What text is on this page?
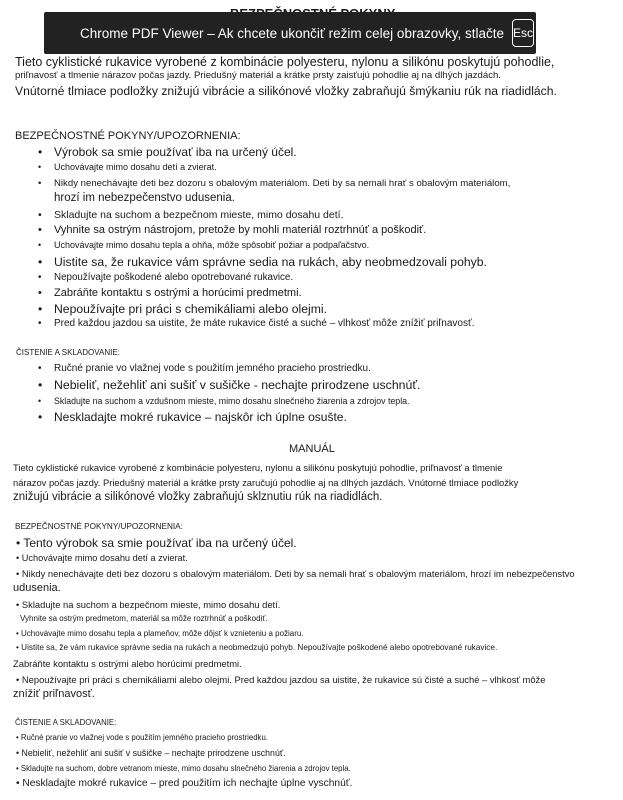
Tieto cyklistické rukavice vyrobené z kombinácie polyesteru, nylonu a silikónu poskytujú pohodlie,
priľnavosť a tlmenie nárazov počas jazdy. Priedušný materiál a krátke prsty zaisťujú pohodlie aj na dlhých jazdách.
Vnútorné tlmiace podložky znižujú vibrácie a silikónové vložky zabraňujú šmýkaniu rúk na riadidlách.
BEZPEČNOSTNÉ POKYNY/UPOZORNENIA:
• Výrobok sa smie používať iba na určený účel.
• Uchovávajte mimo dosahu detí a zvierat.
• Nikdy nenechávajte deti bez dozoru s obalovým materiálom. Deti by sa nemali hrať s obalovým materiálom,
hrozí im nebezpečenstvo udusenia.
• Skladujte na suchom a bezpečnom mieste, mimo dosahu detí.
• Vyhnite sa ostrým nástrojom, pretože by mohli materiál roztrhnúť a poškodiť.
• Uchovávajte mimo dosahu tepla a ohňa, môže spôsobiť požiar a podpaľačstvo.
• Uistite sa, že rukavice vám správne sedia na rukách, aby neobmedzovali pohyb.
• Nepoužívajte poškodené alebo opotrebované rukavice.
• Zabráňte kontaktu s ostrými a horúcimi predmetmi.
• Nepoužívajte pri práci s chemikáliami alebo olejmi.
• Pred každou jazdou sa uistite, že máte rukavice čisté a suché – vlhkosť môže znížiť priľnavosť.
ČISTENIE A SKLADOVANIE:
• Ručné pranie vo vlažnej vode s použitím jemného pracieho prostriedku.
• Nebieliť, nežehliť ani sušiť v sušičke - nechajte prirodzene uschnúť.
• Skladujte na suchom a vzdušnom mieste, mimo dosahu slnečného žiarenia a zdrojov tepla.
• Neskladajte mokré rukavice – najskôr ich úplne osušte.
MANUÁL
Tieto cyklistické rukavice vyrobené z kombinácie polyesteru, nylonu a silikónu poskytujú pohodlie, priľnavosť a tlmenie
nárazov počas jazdy. Priedušný materiál a krátke prsty zaručujú pohodlie aj na dlhých jazdách. Vnútorné tlmiace podložky
znižujú vibrácie a silikónové vložky zabraňujú sklznutiu rúk na riadidlách.
BEZPEČNOSTNÉ POKYNY/UPOZORNENIA:
• Tento výrobok sa smie používať iba na určený účel.
• Uchovávajte mimo dosahu detí a zvierat.
• Nikdy nenechávajte deti bez dozoru s obalovým materiálom. Deti by sa nemali hrať s obalovým materiálom, hrozí im nebezpečenstvo
udusenia.
• Skladujte na suchom a bezpečnom mieste, mimo dosahu detí.
Vyhnite sa ostrým predmetom, materiál sa môže roztrhnúť a poškodiť.
• Uchovávajte mimo dosahu tepla a plameňov, môže dôjsť k vznieteniu a požiaru.
• Uistite sa, že vám rukavice správne sedia na rukách a neobmedzujú pohyb. Nepoužívajte poškodené alebo opotrebované rukavice.
Zabráňte kontaktu s ostrými alebo horúcimi predmetmi.
• Nepoužívajte pri práci s chemikáliami alebo olejmi. Pred každou jazdou sa uistite, že rukavice sú čisté a suché – vlhkosť môže
znížiť priľnavosť.
ČISTENIE A SKLADOVANIE:
• Ručné pranie vo vlažnej vode s použitím jemného pracieho prostriedku.
• Nebieliť, nežehliť ani sušiť v sušičke – nechajte prirodzene uschnúť.
• Skladujte na suchom, dobre vetranom mieste, mimo dosahu slnečného žiarenia a zdrojov tepla.
• Neskladajte mokré rukavice – pred použitím ich nechajte úplne vyschnúť.
Chrome PDF Viewer – Ak chcete ukončiť režim celej obrazovky, stlačte Esc
